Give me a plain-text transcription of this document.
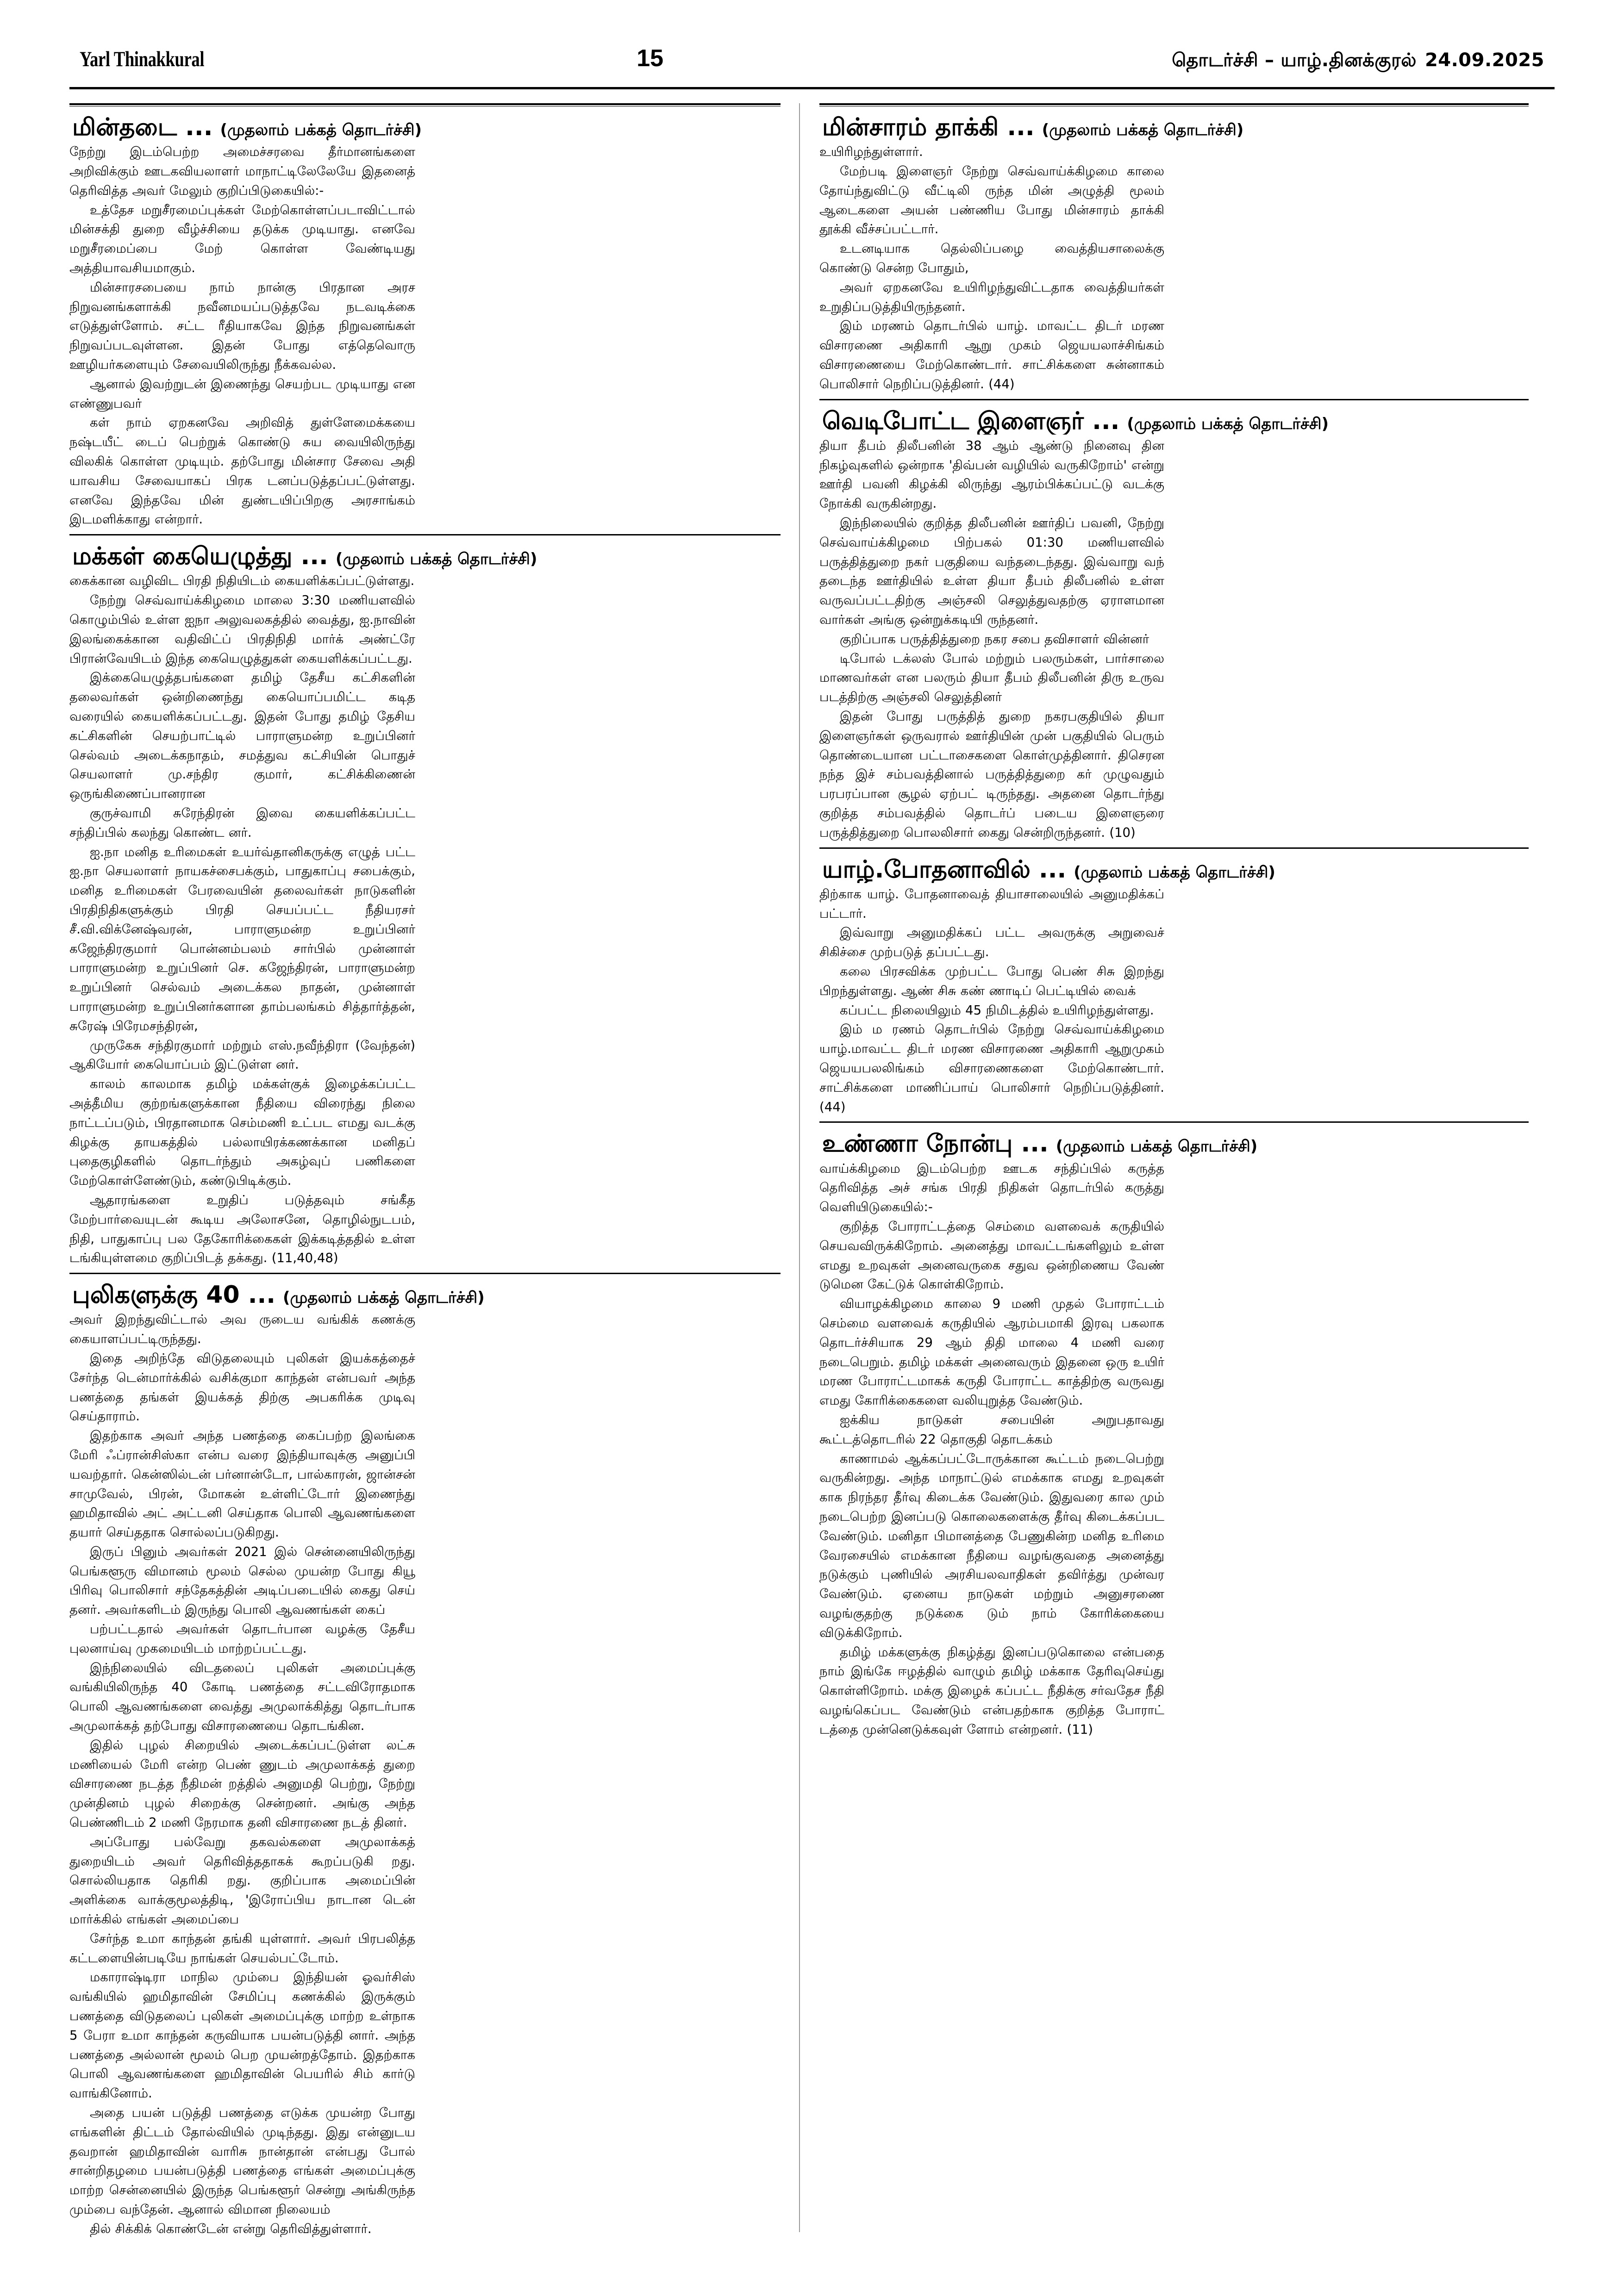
Yarl Thinakkural	15	தொடர்ச்சி – யாழ்.தினக்குரல் 24.09.2025
மின்தடை ... (முதலாம் பக்கத் தொடர்ச்சி)

நேற்று இடம்பெற்ற அமைச்சரவை தீர்மானங்களை அறிவிக்கும் ஊடகவியலாளர் மாநாட்டிலேலேயே இதனைத் தெரிவித்த அவர் மேலும் குறிப்பிடுகையில்:-

உத்தேச மறுசீரமைப்புக்கள் மேற்கொள்ளப்படாவிட்டால் மின்சக்தி துறை வீழ்ச்சியை தடுக்க முடியாது. எனவே மறுசீரமைப்பை மேற் கொள்ள வேண்டியது அத்தியாவசியமாகும்.

மின்சாரசபையை நாம் நான்கு பிரதான அரச நிறுவனங்களாக்கி நவீனமயப்படுத்தவே நடவடிக்கை எடுத்துள்ளோம். சட்ட ரீதியாகவே இந்த நிறுவனங்கள் நிறுவப்படவுள்ளன. இதன் போது எத்தெவொரு ஊழியர்களையும் சேவையிலிருந்து நீக்கவல்ல.

ஆனால் இவற்றுடன் இணைந்து செயற்பட முடியாது என எண்ணுபவர்

கள் நாம் ஏறகனவே அறிவித் துள்ளேமைக்கயை நஷ்டயீட் டைப் பெற்றுக் கொண்டு சுய வையிலிருந்து விலகிக் கொள்ள முடியும். தற்போது மின்சார சேவை அதி யாவசிய சேவையாகப் பிரக டனப்படுத்தப்பட்டுள்ளது. எனவே இந்தவே மின் துண்டயிப்பிறகு அரசாங்கம் இடமளிக்காது என்றார்.

மக்கள் கையெழுத்து ... (முதலாம் பக்கத் தொடர்ச்சி)

கைக்கான வழிவிட பிரதி நிதியிடம் கையளிக்கப்பட்டுள்ளது.

நேற்று செவ்வாய்க்கிழமை மாலை 3:30 மணியளவில் கொழும்பில் உள்ள ஐநா அலுவலகத்தில் வைத்து, ஐ.நாவின் இலங்கைக்கான வதிவிட்ப் பிரதிநிதி மார்க் அண்ட்ரே பிரான்வேயிடம் இந்த கையெழுத்துகள் கையளிக்கப்பட்டது.

இக்கையெழுத்தபங்களை தமிழ் தேசீய கட்சிகளின் தலைவர்கள் ஒன்றிணைந்து கையொப்பமிட்ட கடித வரையில் கையளிக்கப்பட்டது. இதன் போது தமிழ் தேசிய கட்சிகளின் செயற்பாட்டில் பாராளுமன்ற உறுப்பினர் செல்வம் அடைக்கநாதம், சமத்துவ கட்சியின் பொதுச் செயலாளர் மு.சந்திர குமார், கட்சிக்கிணைன் ஒருங்கிணைப்பானரான

குருச்வாமி சுரேந்திரன் இவை கையளிக்கப்பட்ட சந்திப்பில் கலந்து கொண்ட னர்.

ஐ.நா மனித உரிமைகள் உயர்வ்தானிகருக்கு எழுத் பட்ட ஐ.நா செயலாளர் நாயகச்சைபக்கும், பாதுகாப்பு சபைக்கும், மனித உரிமைகள் பேரவையின் தலைவர்கள் நாடுகளின் பிரதிநிதிகளுக்கும் பிரதி செயப்பட்ட நீதியரசர் சீ.வி.விக்னேஷ்வரன், பாராளுமன்ற உறுப்பினர் கஜேந்திரகுமார் பொன்னம்பலம் சார்பில் முன்னாள் பாராளுமன்ற உறுப்பினர் செ. கஜேந்திரன், பாராளுமன்ற உறுப்பினர் செல்வம் அடைக்கல நாதன், முன்னாள் பாராளுமன்ற உறுப்பினர்களான தாம்பலங்கம் சித்தார்த்தன், சுரேஷ் பிரேமசந்திரன்,

முருகேசு சந்திரகுமார் மற்றும் எஸ்.நவீந்திரா (வேந்தன்) ஆகியோர் கையொப்பம் இட்டுள்ள னர்.

காலம் காலமாக தமிழ் மக்கள்குக் இழைக்கப்பட்ட அத்தீமிய குற்றங்களுக்கான நீதியை விரைந்து நிலை நாட்டப்படும், பிரதானமாக செம்மணி உட்பட எமது வடக்கு கிழக்கு தாயகத்தில் பல்லாயிரக்கணக்கான மனிதப் புதைகுழிகளில் தொடர்ந்தும் அகழ்வுப் பணிகளை மேற்கொள்ளேண்டும், கண்டுபிடிக்கும்.

ஆதாரங்களை உறுதிப் படுத்தவும் சங்கீத மேற்பார்வையுடன் கூடிய அலோசனே, தொழில்நுடபம், நிதி, பாதுகாப்பு பல தேகோரிக்கைகள் இக்கடித்ததில் உள்ள டங்கியுள்ளமை குறிப்பிடத் தக்கது. (11,40,48)

புலிகளுக்கு 40 ... (முதலாம் பக்கத் தொடர்ச்சி)

அவர் இறந்துவிட்டால் அவ ருடைய வங்கிக் கணக்கு கையாளப்பட்டிருந்தது.

இதை அறிந்தே விடுதலையும் புலிகள் இயக்கத்தைச் சேர்ந்த டென்மார்க்கில் வசிக்குமா காந்தன் என்பவர் அந்த பணத்தை தங்கள் இயக்கத் திற்கு அபகரிக்க முடிவு செய்தாராம்.

இதற்காக அவர் அந்த பணத்தை கைப்பற்ற இலங்கை மேரி ஃப்ரான்சிஸ்கா என்ப வரை இந்தியாவுக்கு அனுப்பி யவற்தார். கென்ஸில்டன் பர்னான்டோ, பால்காரன், ஜான்சன் சாமுவேல், பிரன், மோகன் உள்ளிட்டோர் இணைந்து ஹமிதாவில் அட் அட்டனி செய்தாக பொலி ஆவணங்களை தயார் செய்ததாக சொல்லப்படுகிறது.

இருப் பினும் அவர்கள் 2021 இல் சென்னையிலிருந்து பெங்களூரு விமானம் மூலம் செல்ல முயன்ற போது கியூ பிரிவு பொலிசார் சந்தேகத்தின் அடிப்படையில் கைது செய் தனர். அவர்களிடம் இருந்து பொலி ஆவணங்கள் கைப்

பற்பட்டதால் அவர்கள் தொடர்பான வழக்கு தேசீய புலனாய்வு முகமையிடம் மாற்றப்பட்டது.

இந்நிலையில் விடதலைப் புலிகள் அமைப்புக்கு வங்கியிலிருந்த 40 கோடி பணத்தை சட்டவிரோதமாக பொலி ஆவணங்களை வைத்து அமுலாக்கித்து தொடர்பாக அமுலாக்கத் தற்போது விசாரணையை தொடங்கின.

இதில் புழல் சிறையில் அடைக்கப்பட்டுள்ள லட்சு மணியைல் மேரி என்ற பெண் ணுடம் அமுலாக்கத் துறை விசாரணை நடத்த நீதிமன் றத்தில் அனுமதி பெற்று, நேற்று முன்தினம் புழல் சிறைக்கு சென்றனர். அங்கு அந்த பெண்ணிடம் 2 மணி நேரமாக தனி விசாரணை நடத் தினர்.

அப்போது பல்வேறு தகவல்களை அமுலாக்கத் துறையிடம் அவர் தெரிவித்ததாகக் கூறப்படுகி றது. சொல்லியதாக தெரிகி றது. குறிப்பாக அமைப்பின் அளிக்கை வாக்குமூலத்திடி, 'இரோப்பிய நாடான டென் மார்க்கில் எங்கள் அமைப்பை

சேர்ந்த உமா காந்தன் தங்கி யுள்ளார். அவர் பிரபலித்த கட்டளையின்படியே நாங்கள் செயல்பட்டோம்.

மகாராஷ்டிரா மாநில மும்பை இந்தியன் ஓவர்சிஸ் வங்கியில் ஹமிதாவின் சேமிப்பு கணக்கில் இருக்கும் பணத்தை விடுதலைப் புலிகள் அமைப்புக்கு மாற்ற உள்நாக 5 பேரா உமா காந்தன் கருவியாக பயன்படுத்தி னார். அந்த பணத்தை அல்லான் மூலம் பெற முயன்றத்தோம். இதற்காக பொலி ஆவணங்களை ஹமிதாவின் பெயரில் சிம் கார்டு வாங்கினோம்.

அதை பயன் படுத்தி பணத்தை எடுக்க முயன்ற போது எங்களின் திட்டம் தோல்வியில் முடிந்தது. இது என்னுடய தவறான் ஹமிதாவின் வாரிசு நான்தான் என்பது போல் சான்றிதழமை பயன்படுத்தி பணத்தை எங்கள் அமைப்புக்கு மாற்ற சென்னையில் இருந்த பெங்களூர் சென்று அங்கிருந்த மும்பை வந்தேன். ஆனால் விமான நிலையம்

தில் சிக்கிக் கொண்டேன் என்று தெரிவித்துள்ளார்.

மின்சாரம் தாக்கி ... (முதலாம் பக்கத் தொடர்ச்சி)

உயிரிழந்துள்ளார்.

மேற்படி இளைஞர் நேற்று செவ்வாய்க்கிழமை காலை தோய்ந்துவிட்டு வீட்டிலி ருந்த மின் அழுத்தி மூலம் ஆடைகளை அயன் பண்ணிய போது மின்சாரம் தாக்கி தூக்கி வீச்சப்பட்டார்.

உடனடியாக தெல்லிப்பழை வைத்தியசாலைக்கு கொண்டு சென்ற போதும்,

அவர் ஏறகனவே உயிரிழந்துவிட்டதாக வைத்தியர்கள் உறுதிப்படுத்தியிருந்தனர்.

இம் மரணம் தொடர்பில் யாழ். மாவட்ட திடர் மரண விசாரணை அதிகாரி ஆறு முகம் ஜெயயலாச்சிங்கம் விசாரணையை மேற்கொண்டார். சாட்சிக்களை சுன்னாகம் பொலிசார் நெறிப்படுத்தினர். (44)

வெடிபோட்ட இளைஞர் ... (முதலாம் பக்கத் தொடர்ச்சி)

தியா தீபம் திலீபனின் 38 ஆம் ஆண்டு நினைவு தின நிகழ்வுகளில் ஒன்றாக 'திவ்பன் வழியில் வருகிறோம்' என்று ஊர்தி பவனி கிழக்கி லிருந்து ஆரம்பிக்கப்பட்டு வடக்கு நோக்கி வருகின்றது.

இந்நிலையில் குறித்த திலீபனின் ஊர்திப் பவனி, நேற்று செவ்வாய்க்கிழமை பிற்பகல் 01:30 மணியளவில் பருத்தித்துறை நகர் பகுதியை வந்தடைந்தது. இவ்வாறு வந் தடைந்த ஊர்தியில் உள்ள தியா தீபம் திலீபனில் உள்ள வருவப்பட்டதிற்கு அஞ்சலி செலுத்துவதற்கு ஏராளமான வார்கள் அங்கு ஒன்றுக்கடியி ருந்தனர்.

குறிப்பாக பருத்தித்துறை நகர சபை தவிசாளர் வின்னர்

டிபோல் டக்லஸ் போல் மற்றும் பலரும்கள், பார்சாலை மாணவர்கள் என பலரும் தியா தீபம் திலீபனின் திரு உருவ படத்திற்கு அஞ்சலி செலுத்தினர்

இதன் போது பருத்தித் துறை நகரபகுதியில் தியா இளைஞர்கள் ஒருவரால் ஊர்தியின் முன் பகுதியில் பெரும் தொண்டையான பட்டாசைகளை கொள்முத்தினார். திசெரன நந்த இச் சம்பவத்தினால் பருத்தித்துறை கர் முழுவதும் பரபரப்பான சூழல் ஏற்பட் டிருந்தது. அதனை தொடர்ந்து குறித்த சம்பவத்தில் தொடர்ப் படைய இளைஞரை பருத்தித்துறை பொலலிசார் கைது சென்றிருந்தனர். (10)

யாழ்.போதனாவில் ... (முதலாம் பக்கத் தொடர்ச்சி)

திற்காக யாழ். போதனாவைத் தியாசாலையில் அனுமதிக்கப் பட்டார்.

இவ்வாறு அனுமதிக்கப் பட்ட அவருக்கு அறுவைச் சிகிச்சை முற்படுத் தப்பட்டது.

கலை பிரசவிக்க முற்பட்ட போது பெண் சிசு இறந்து பிறந்துள்ளது. ஆண் சிசு கண் ணாடிப் பெட்டியில் வைக்

கப்பட்ட நிலையிலும் 45 நிமிடத்தில் உயிரிழந்துள்ளது.

இம் ம ரணம் தொடர்பில் நேற்று செவ்வாய்க்கிழமை யாழ்.மாவட்ட திடர் மரண விசாரணை அதிகாரி ஆறுமுகம் ஜெயயபலலிங்கம் விசாரணைகளை மேற்கொண்டார். சாட்சிக்களை மாணிப்பாய் பொலிசார் நெறிப்படுத்தினர். (44)

உண்ணா நோன்பு ... (முதலாம் பக்கத் தொடர்ச்சி)

வாய்க்கிழமை இடம்பெற்ற ஊடக சந்திப்பில் கருத்த தெரிவித்த அச் சங்க பிரதி நிதிகள் தொடர்பில் கருத்து வெளியிடுகையில்:-

குறித்த போராட்டத்தை செம்மை வளவைக் கருதியில் செயவவிருக்கிறோம். அனைத்து மாவட்டங்களிலும் உள்ள எமது உறவுகள் அனைவருகை சதுவ ஒன்றிணைய வேண் டுமென கேட்டுக் கொள்கிறோம்.

வியாழக்கிழமை காலை 9 மணி முதல் போராட்டம் செம்மை வளவைக் கருதியில் ஆரம்பமாகி இரவு பகலாக தொடர்ச்சியாக 29 ஆம் திதி மாலை 4 மணி வரை நடைபெறும். தமிழ் மக்கள் அனைவரும் இதனை ஒரு உயிர் மரண போராட்டமாகக் கருதி போராட்ட காத்திற்கு வருவது எமது கோரிக்கைகளை வலியுறுத்த வேண்டும்.

ஐக்கிய நாடுகள் சபையின் அறுபதாவது கூட்டத்தொடரில் 22 தொகுதி தொடக்கம்

காணாமல் ஆக்கப்பட்டோருக்கான கூட்டம் நடைபெற்று வருகின்றது. அந்த மாநாட்டுல் எமக்காக எமது உறவுகள் காக நிரந்தர தீர்வு கிடைக்க வேண்டும். இதுவரை கால மும் நடைபெற்ற இனப்படு கொலைகளைக்கு தீர்வு கிடைக்கப்பட வேண்டும். மனிதா பிமானத்தை பேணுகின்ற மனித உரிமை வேரசையில் எமக்கான நீதியை வழங்குவதை அனைத்து நடுக்கும் புணியில் அரசியலவாதிகள் தவிர்த்து முன்வர வேண்டும். ஏனைய நாடுகள் மற்றும் அனுசரணை வழங்குதற்கு நடுக்கை டும் நாம் கோரிக்கையை விடுக்கிறோம்.

தமிழ் மக்களுக்கு நிகழ்த்து இனப்படுகொலை என்பதை நாம் இங்கே ஈழத்தில் வாழும் தமிழ் மக்காக தேரிவுசெய்து கொள்ளிறோம். மக்கு இழைக் கப்பட்ட நீதிக்கு சர்வதேச நீதி வழங்கெப்பட வேண்டும் என்பதற்காக குறித்த போராட் டத்தை முன்னெடுக்கவுள் ளோம் என்றனர். (11)
